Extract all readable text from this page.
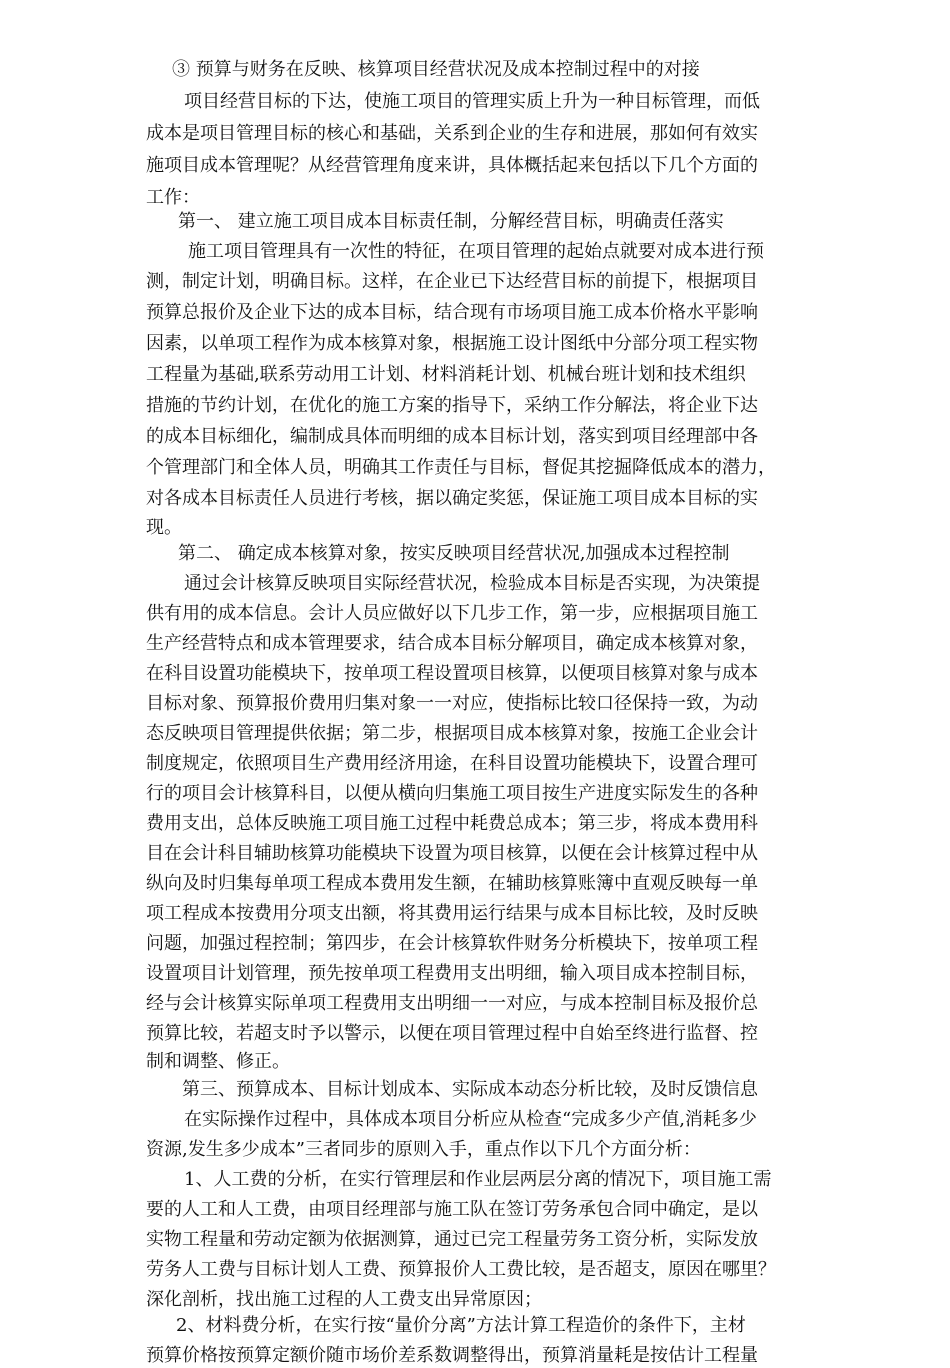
③ 预算与财务在反映、核算项目经营状况及成本控制过程中的对接
项目经营目标的下达，使施工项目的管理实质上升为一种目标管理，而低
成本是项目管理目标的核心和基础，关系到企业的生存和进展，那如何有效实
施项目成本管理呢？从经营管理角度来讲，具体概括起来包括以下几个方面的
工作：
第一、 建立施工项目成本目标责任制，分解经营目标，明确责任落实
施工项目管理具有一次性的特征，在项目管理的起始点就要对成本进行预
测，制定计划，明确目标。这样，在企业已下达经营目标的前提下，根据项目
预算总报价及企业下达的成本目标，结合现有市场项目施工成本价格水平影响
因素，以单项工程作为成本核算对象，根据施工设计图纸中分部分项工程实物
工程量为基础,联系劳动用工计划、材料消耗计划、机械台班计划和技术组织
措施的节约计划，在优化的施工方案的指导下，采纳工作分解法，将企业下达
的成本目标细化，编制成具体而明细的成本目标计划，落实到项目经理部中各
个管理部门和全体人员，明确其工作责任与目标，督促其挖掘降低成本的潜力，
对各成本目标责任人员进行考核，据以确定奖惩，保证施工项目成本目标的实
现。
第二、 确定成本核算对象，按实反映项目经营状况,加强成本过程控制
通过会计核算反映项目实际经营状况，检验成本目标是否实现，为决策提
供有用的成本信息。会计人员应做好以下几步工作，第一步，应根据项目施工
生产经营特点和成本管理要求，结合成本目标分解项目，确定成本核算对象，
在科目设置功能模块下，按单项工程设置项目核算，以便项目核算对象与成本
目标对象、预算报价费用归集对象一一对应，使指标比较口径保持一致，为动
态反映项目管理提供依据；第二步，根据项目成本核算对象，按施工企业会计
制度规定，依照项目生产费用经济用途，在科目设置功能模块下，设置合理可
行的项目会计核算科目，以便从横向归集施工项目按生产进度实际发生的各种
费用支出，总体反映施工项目施工过程中耗费总成本；第三步，将成本费用科
目在会计科目辅助核算功能模块下设置为项目核算，以便在会计核算过程中从
纵向及时归集每单项工程成本费用发生额，在辅助核算账簿中直观反映每一单
项工程成本按费用分项支出额，将其费用运行结果与成本目标比较，及时反映
问题，加强过程控制；第四步，在会计核算软件财务分析模块下，按单项工程
设置项目计划管理，预先按单项工程费用支出明细，输入项目成本控制目标，
经与会计核算实际单项工程费用支出明细一一对应，与成本控制目标及报价总
预算比较，若超支时予以警示，以便在项目管理过程中自始至终进行监督、控
制和调整、修正。
第三、预算成本、目标计划成本、实际成本动态分析比较，及时反馈信息
在实际操作过程中，具体成本项目分析应从检查“完成多少产值,消耗多少
资源,发生多少成本”三者同步的原则入手，重点作以下几个方面分析：
1、人工费的分析，在实行管理层和作业层两层分离的情况下，项目施工需
要的人工和人工费，由项目经理部与施工队在签订劳务承包合同中确定，是以
实物工程量和劳动定额为依据测算，通过已完工程量劳务工资分析，实际发放
劳务人工费与目标计划人工费、预算报价人工费比较，是否超支，原因在哪里？
深化剖析，找出施工过程的人工费支出异常原因；
2、材料费分析，在实行按“量价分离”方法计算工程造价的条件下，主材
预算价格按预算定额价随市场价差系数调整得出，预算消量耗是按估计工程量
